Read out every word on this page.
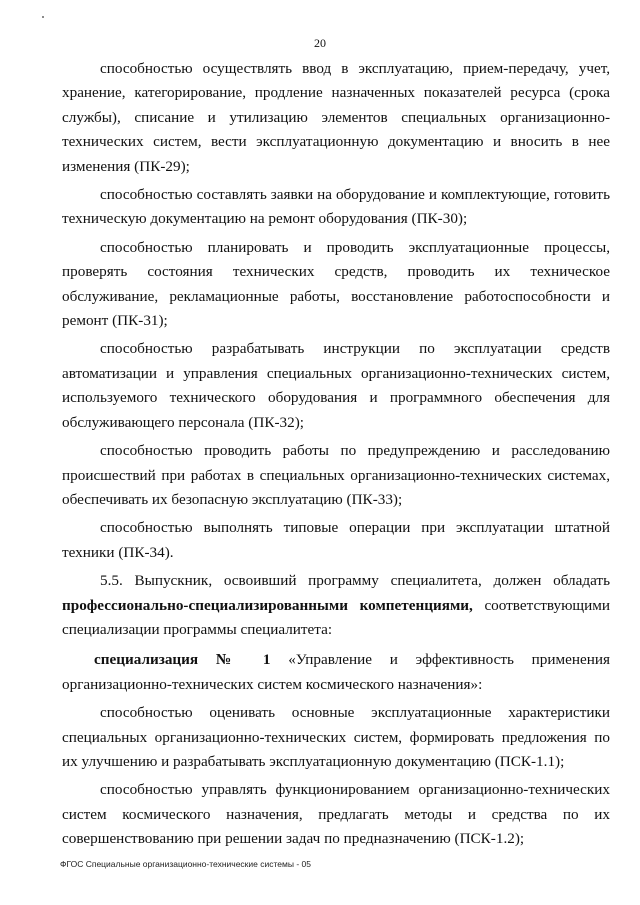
20

способностью осуществлять ввод в эксплуатацию, прием-передачу, учет, хранение, категорирование, продление назначенных показателей ресурса (срока службы), списание и утилизацию элементов специальных организационно-технических систем, вести эксплуатационную документацию и вносить в нее изменения (ПК-29);

способностью составлять заявки на оборудование и комплектующие, готовить техническую документацию на ремонт оборудования (ПК-30);

способностью планировать и проводить эксплуатационные процессы, проверять состояния технических средств, проводить их техническое обслуживание, рекламационные работы, восстановление работоспособности и ремонт (ПК-31);

способностью разрабатывать инструкции по эксплуатации средств автоматизации и управления специальных организационно-технических систем, используемого технического оборудования и программного обеспечения для обслуживающего персонала (ПК-32);

способностью проводить работы по предупреждению и расследованию происшествий при работах в специальных организационно-технических системах, обеспечивать их безопасную эксплуатацию (ПК-33);

способностью выполнять типовые операции при эксплуатации штатной техники (ПК-34).

5.5. Выпускник, освоивший программу специалитета, должен обладать профессионально-специализированными компетенциями, соответствующими специализации программы специалитета:

специализация № 1 «Управление и эффективность применения организационно-технических систем космического назначения»:

способностью оценивать основные эксплуатационные характеристики специальных организационно-технических систем, формировать предложения по их улучшению и разрабатывать эксплуатационную документацию (ПСК-1.1);

способностью управлять функционированием организационно-технических систем космического назначения, предлагать методы и средства по их совершенствованию при решении задач по предназначению (ПСК-1.2);

ФГОС Специальные организационно-технические системы - 05
